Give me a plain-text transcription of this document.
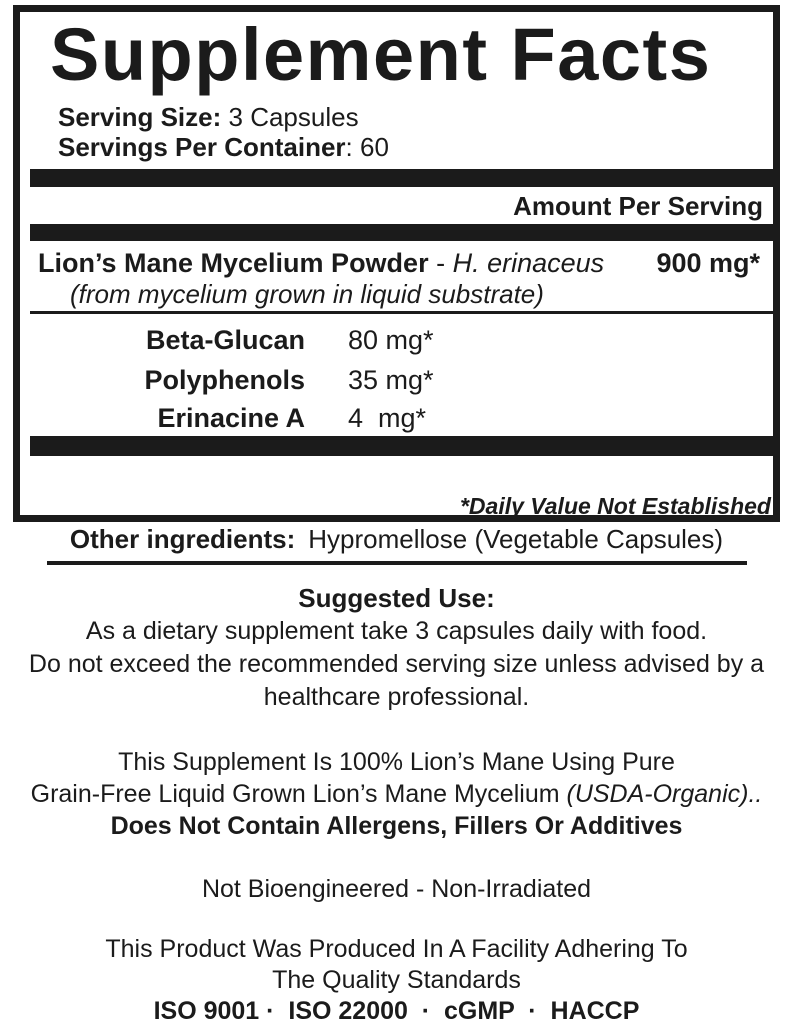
Supplement Facts
Serving Size: 3 Capsules
Servings Per Container: 60
Amount Per Serving
Lion’s Mane Mycelium Powder - H. erinaceus 900 mg*
(from mycelium grown in liquid substrate)
Beta-Glucan 80 mg*
Polyphenols 35 mg*
Erinacine A 4  mg*
*Daily Value Not Established
Other ingredients: Hypromellose (Vegetable Capsules)
Suggested Use:
As a dietary supplement take 3 capsules daily with food.
Do not exceed the recommended serving size unless advised by a
healthcare professional.
This Supplement Is 100% Lion’s Mane Using Pure
Grain-Free Liquid Grown Lion’s Mane Mycelium (USDA-Organic)..
Does Not Contain Allergens, Fillers Or Additives
Not Bioengineered - Non-Irradiated
This Product Was Produced In A Facility Adhering To
The Quality Standards
ISO 9001 ·  ISO 22000  ·  cGMP  ·  HACCP
